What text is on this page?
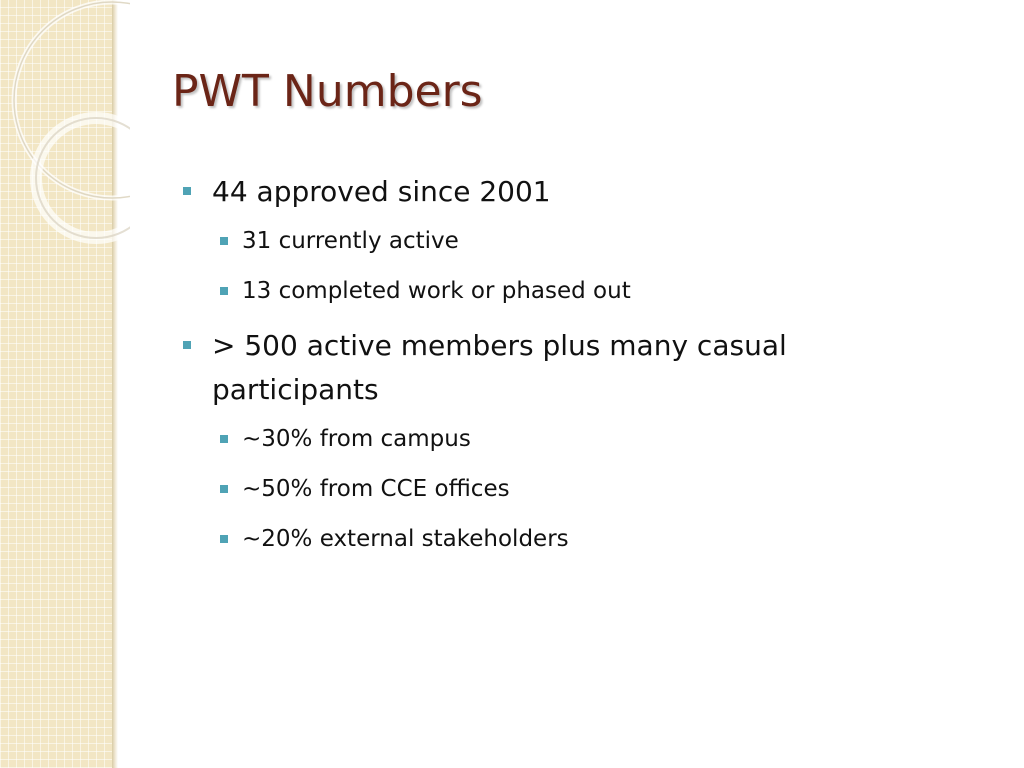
PWT Numbers
44 approved since 2001
31 currently active
13 completed work or phased out
> 500 active members plus many casual participants
~30% from campus
~50% from CCE offices
~20% external stakeholders
